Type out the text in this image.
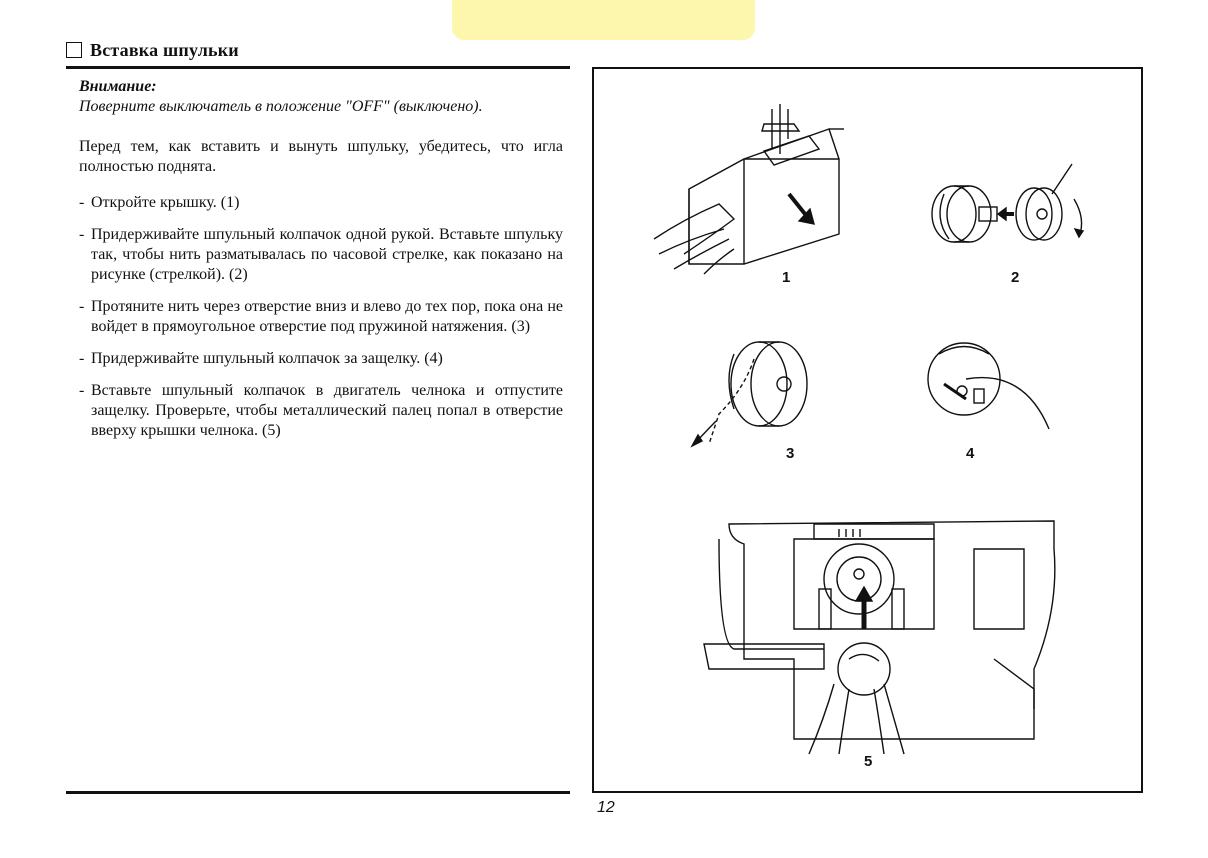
Вставка шпульки
Внимание:
Поверните выключатель в положение "OFF" (выключено).
Перед тем, как вставить и вынуть шпульку, убедитесь, что игла полностью поднята.
- Откройте крышку. (1)
- Придерживайте шпульный колпачок одной рукой. Вставьте шпульку так, чтобы нить разматывалась по часовой стрелке, как показано на рисунке (стрелкой). (2)
- Протяните нить через отверстие вниз и влево до тех пор, пока она не войдет в прямоугольное отверстие под пружиной натяжения. (3)
- Придерживайте шпульный колпачок за защелку. (4)
- Вставьте шпульный колпачок в двигатель челнока и отпустите защелку. Проверьте, чтобы металлический палец попал в отверстие вверху крышки челнока. (5)
1	2
3	4
5
12
